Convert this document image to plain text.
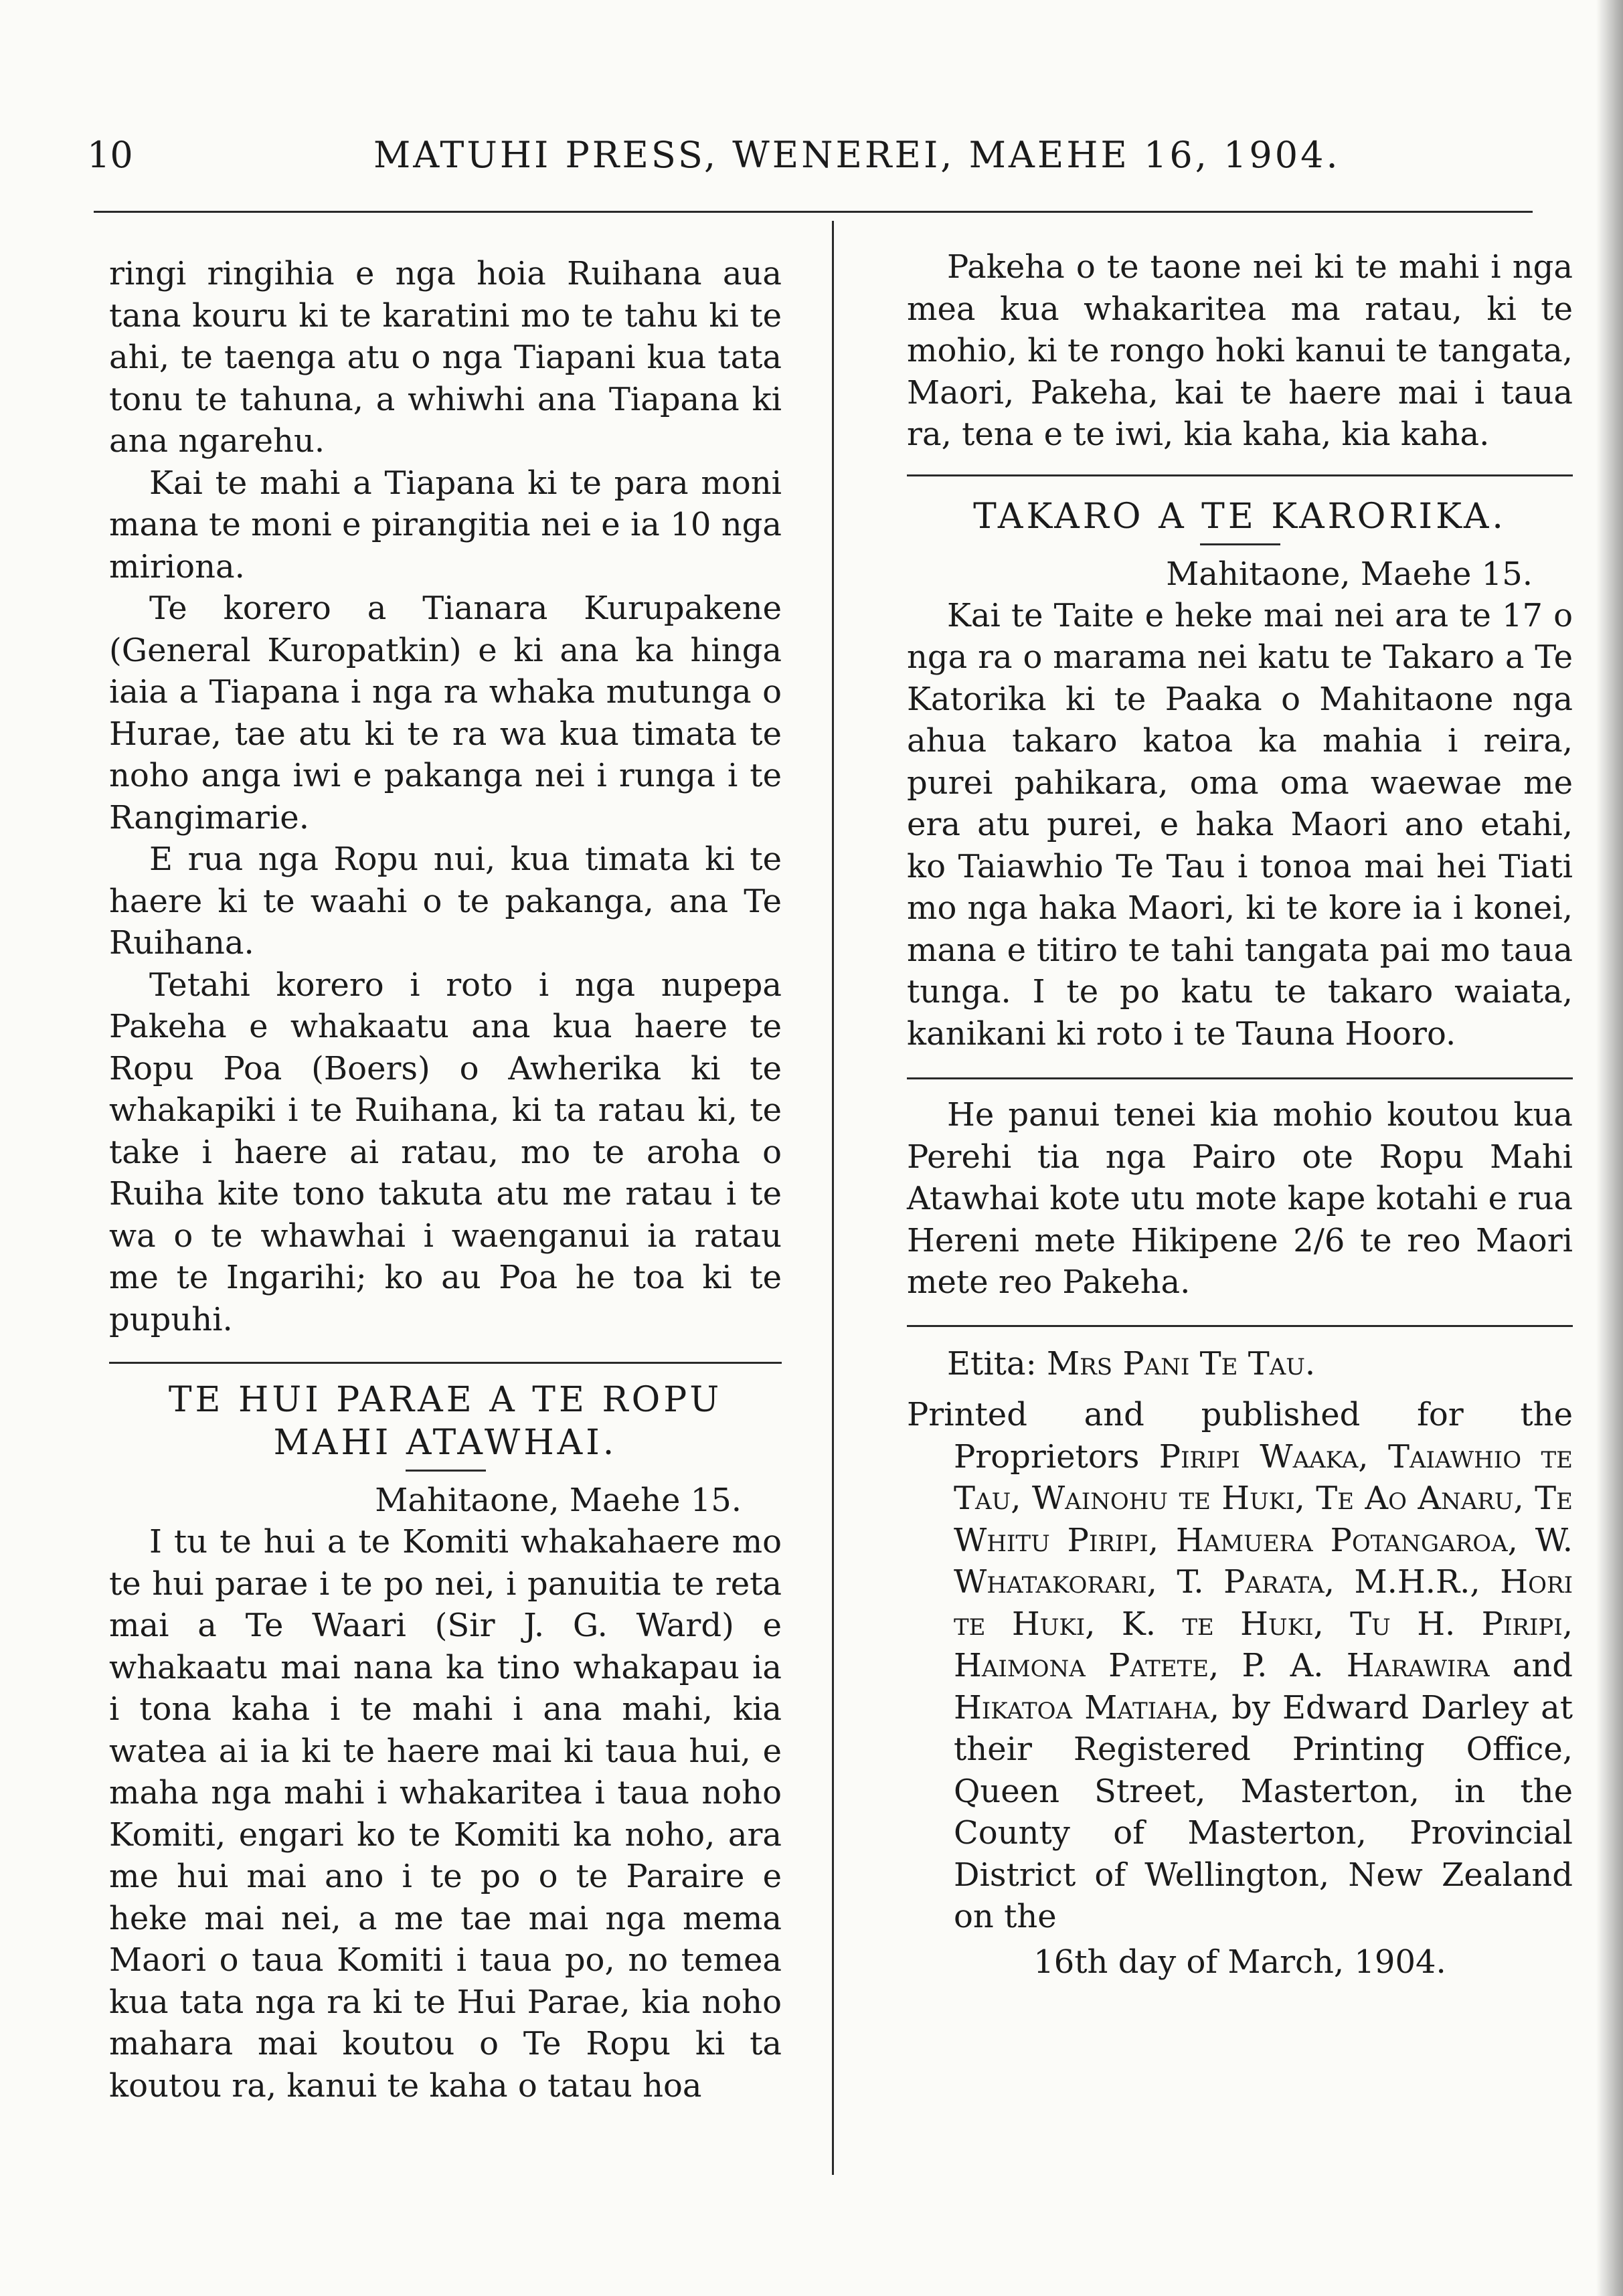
10	MATUHI PRESS, WENEREI, MAEHE 16, 1904.

ringi ringihia e nga hoia Ruihana aua tana kouru ki te karatini mo te tahu ki te ahi, te taenga atu o nga Tiapani kua tata tonu te tahuna, a whiwhi ana Tiapana ki ana ngarehu.

Kai te mahi a Tiapana ki te para moni mana te moni e pirangitia nei e ia 10 nga miriona.

Te korero a Tianara Kurupakene (General Kuropatkin) e ki ana ka hinga iaia a Tiapana i nga ra whaka mutunga o Hurae, tae atu ki te ra wa kua timata te noho anga iwi e pakanga nei i runga i te Rangimarie.

E rua nga Ropu nui, kua timata ki te haere ki te waahi o te pakanga, ana Te Ruihana.

Tetahi korero i roto i nga nupepa Pakeha e whakaatu ana kua haere te Ropu Poa (Boers) o Awherika ki te whakapiki i te Ruihana, ki ta ratau ki, te take i haere ai ratau, mo te aroha o Ruiha kite tono takuta atu me ratau i te wa o te whawhai i waenganui ia ratau me te Ingarihi; ko au Poa he toa ki te pupuhi.

TE HUI PARAE A TE ROPU

MAHI ATAWHAI.

Mahitaone, Maehe 15.

I tu te hui a te Komiti whakahaere mo te hui parae i te po nei, i panuitia te reta mai a Te Waari (Sir J. G. Ward) e whakaatu mai nana ka tino whakapau ia i tona kaha i te mahi i ana mahi, kia watea ai ia ki te haere mai ki taua hui, e maha nga mahi i whakaritea i taua noho Komiti, engari ko te Komiti ka noho, ara me hui mai ano i te po o te Paraire e heke mai nei, a me tae mai nga mema Maori o taua Komiti i taua po, no temea kua tata nga ra ki te Hui Parae, kia noho mahara mai koutou o Te Ropu ki ta koutou ra, kanui te kaha o tatau hoa

Pakeha o te taone nei ki te mahi i nga mea kua whakaritea ma ratau, ki te mohio, ki te rongo hoki kanui te tangata, Maori, Pakeha, kai te haere mai i taua ra, tena e te iwi, kia kaha, kia kaha.

TAKARO A TE KARORIKA.

Mahitaone, Maehe 15.

Kai te Taite e heke mai nei ara te 17 o nga ra o marama nei katu te Takaro a Te Katorika ki te Paaka o Mahitaone nga ahua takaro katoa ka mahia i reira, purei pahikara, oma oma waewae me era atu purei, e haka Maori ano etahi, ko Taiawhio Te Tau i tonoa mai hei Tiati mo nga haka Maori, ki te kore ia i konei, mana e titiro te tahi tangata pai mo taua tunga. I te po katu te takaro waiata, kanikani ki roto i te Tauna Hooro.

He panui tenei kia mohio koutou kua Perehi tia nga Pairo ote Ropu Mahi Atawhai kote utu mote kape kotahi e rua Hereni mete Hikipene 2/6 te reo Maori mete reo Pakeha.

Etita: Mrs Pani Te Tau.

Printed and published for the Proprietors Piripi Waaka, Taiawhio te Tau, Wainohu te Huki, Te Ao Anaru, Te Whitu Piripi, Hamuera Potangaroa, W. Whatakorari, T. Parata, M.H.R., Hori te Huki, K. te Huki, Tu H. Piripi, Haimona Patete, P. A. Harawira and Hikatoa Matiaha, by Edward Darley at their Registered Printing Office, Queen Street, Masterton, in the County of Masterton, Provincial District of Wellington, New Zealand on the

16th day of March, 1904.
